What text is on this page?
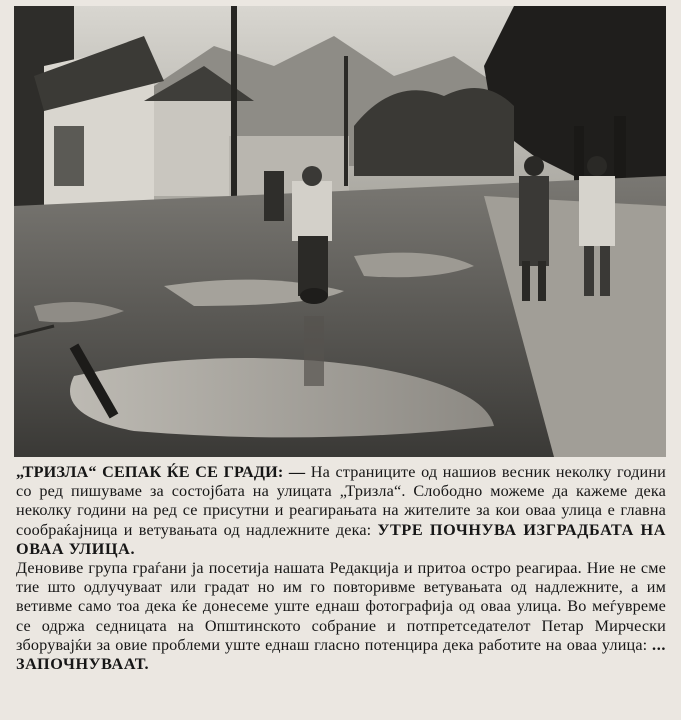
„ТРИЗЛА“ СЕПАК ЌЕ СЕ ГРАДИ: — На страниците од нашиов весник неколку години со ред пишуваме за состојбата на улицата „Тризла“. Слободно можеме да кажеме дека неколку години на ред се присутни и реагирањата на жителите за кои оваа улица е главна сообраќајница и ветувањата од надлежните дека: УТРЕ ПОЧНУВА ИЗГРАДБАТА НА ОВАА УЛИЦА.

Деновиве група граѓани ја посетија нашата Редакција и притоа остро реагираа. Ние не сме тие што одлучуваат или градат но им го повторивме ветувањата од надлежните, а им ветивме само тоа дека ќе донесеме уште еднаш фотографија од оваа улица. Во меѓувреме се одржа седницата на Општинското собрание и потпретседателот Петар Мирчески зборувајќи за овие проблеми уште еднаш гласно потенцира дека работите на оваа улица: ... ЗАПОЧНУВААТ.
